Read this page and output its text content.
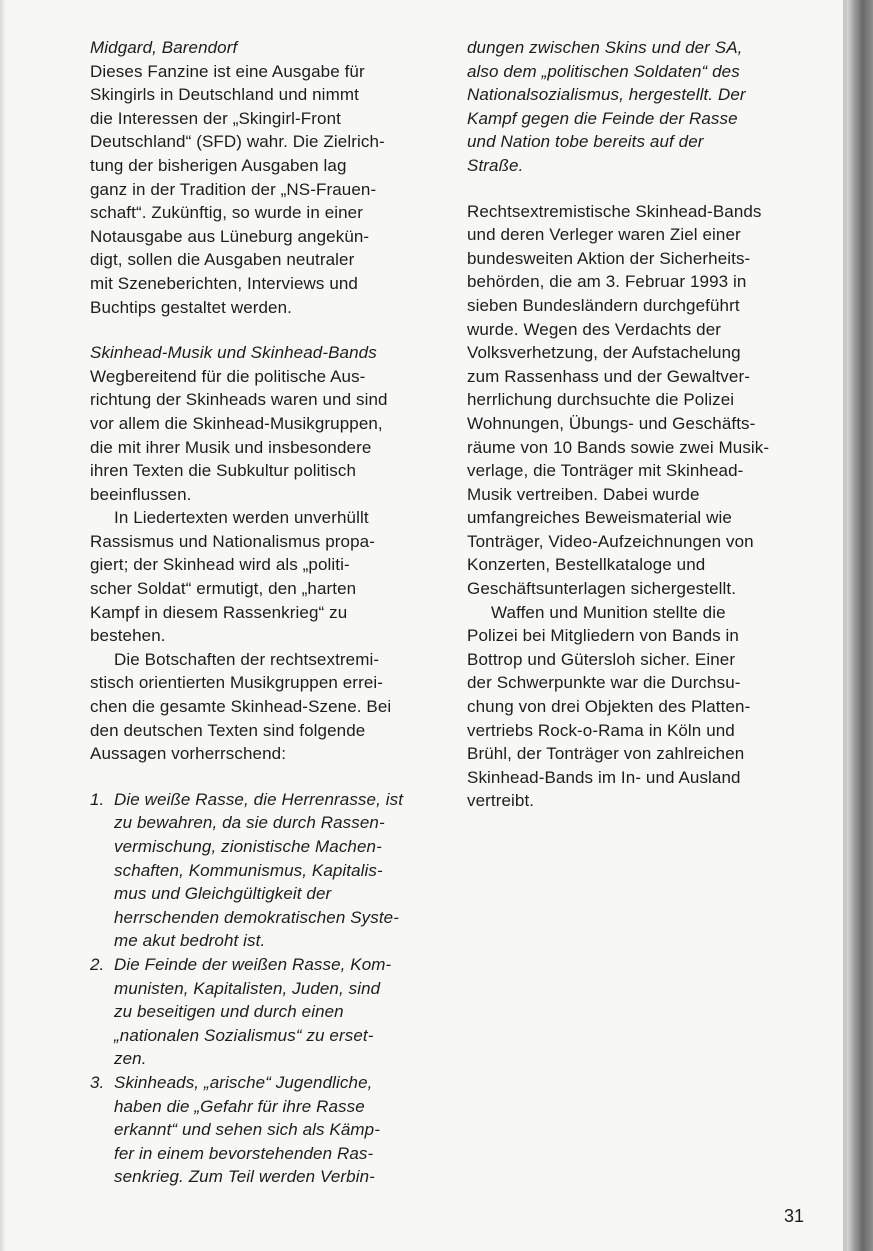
Midgard, Barendorf
Dieses Fanzine ist eine Ausgabe für
Skingirls in Deutschland und nimmt
die Interessen der „Skingirl-Front
Deutschland“ (SFD) wahr. Die Zielrich-
tung der bisherigen Ausgaben lag
ganz in der Tradition der „NS-Frauen-
schaft“. Zukünftig, so wurde in einer
Notausgabe aus Lüneburg angekün-
digt, sollen die Ausgaben neutraler
mit Szeneberichten, Interviews und
Buchtips gestaltet werden.
Skinhead-Musik und Skinhead-Bands
Wegbereitend für die politische Aus-
richtung der Skinheads waren und sind
vor allem die Skinhead-Musikgruppen,
die mit ihrer Musik und insbesondere
ihren Texten die Subkultur politisch
beeinflussen.
In Liedertexten werden unverhüllt
Rassismus und Nationalismus propa-
giert; der Skinhead wird als „politi-
scher Soldat“ ermutigt, den „harten
Kampf in diesem Rassenkrieg“ zu
bestehen.
Die Botschaften der rechtsextremi-
stisch orientierten Musikgruppen errei-
chen die gesamte Skinhead-Szene. Bei
den deutschen Texten sind folgende
Aussagen vorherrschend:
1. Die weiße Rasse, die Herrenrasse, ist
zu bewahren, da sie durch Rassen-
vermischung, zionistische Machen-
schaften, Kommunismus, Kapitalis-
mus und Gleichgültigkeit der
herrschenden demokratischen Syste-
me akut bedroht ist.
2. Die Feinde der weißen Rasse, Kom-
munisten, Kapitalisten, Juden, sind
zu beseitigen und durch einen
„nationalen Sozialismus“ zu erset-
zen.
3. Skinheads, „arische“ Jugendliche,
haben die „Gefahr für ihre Rasse
erkannt“ und sehen sich als Kämp-
fer in einem bevorstehenden Ras-
senkrieg. Zum Teil werden Verbin-
dungen zwischen Skins und der SA,
also dem „politischen Soldaten“ des
Nationalsozialismus, hergestellt. Der
Kampf gegen die Feinde der Rasse
und Nation tobe bereits auf der
Straße.
Rechtsextremistische Skinhead-Bands
und deren Verleger waren Ziel einer
bundesweiten Aktion der Sicherheits-
behörden, die am 3. Februar 1993 in
sieben Bundesländern durchgeführt
wurde. Wegen des Verdachts der
Volksverhetzung, der Aufstachelung
zum Rassenhass und der Gewaltver-
herrlichung durchsuchte die Polizei
Wohnungen, Übungs- und Geschäfts-
räume von 10 Bands sowie zwei Musik-
verlage, die Tonträger mit Skinhead-
Musik vertreiben. Dabei wurde
umfangreiches Beweismaterial wie
Tonträger, Video-Aufzeichnungen von
Konzerten, Bestellkataloge und
Geschäftsunterlagen sichergestellt.
Waffen und Munition stellte die
Polizei bei Mitgliedern von Bands in
Bottrop und Gütersloh sicher. Einer
der Schwerpunkte war die Durchsu-
chung von drei Objekten des Platten-
vertriebs Rock-o-Rama in Köln und
Brühl, der Tonträger von zahlreichen
Skinhead-Bands im In- und Ausland
vertreibt.
31
